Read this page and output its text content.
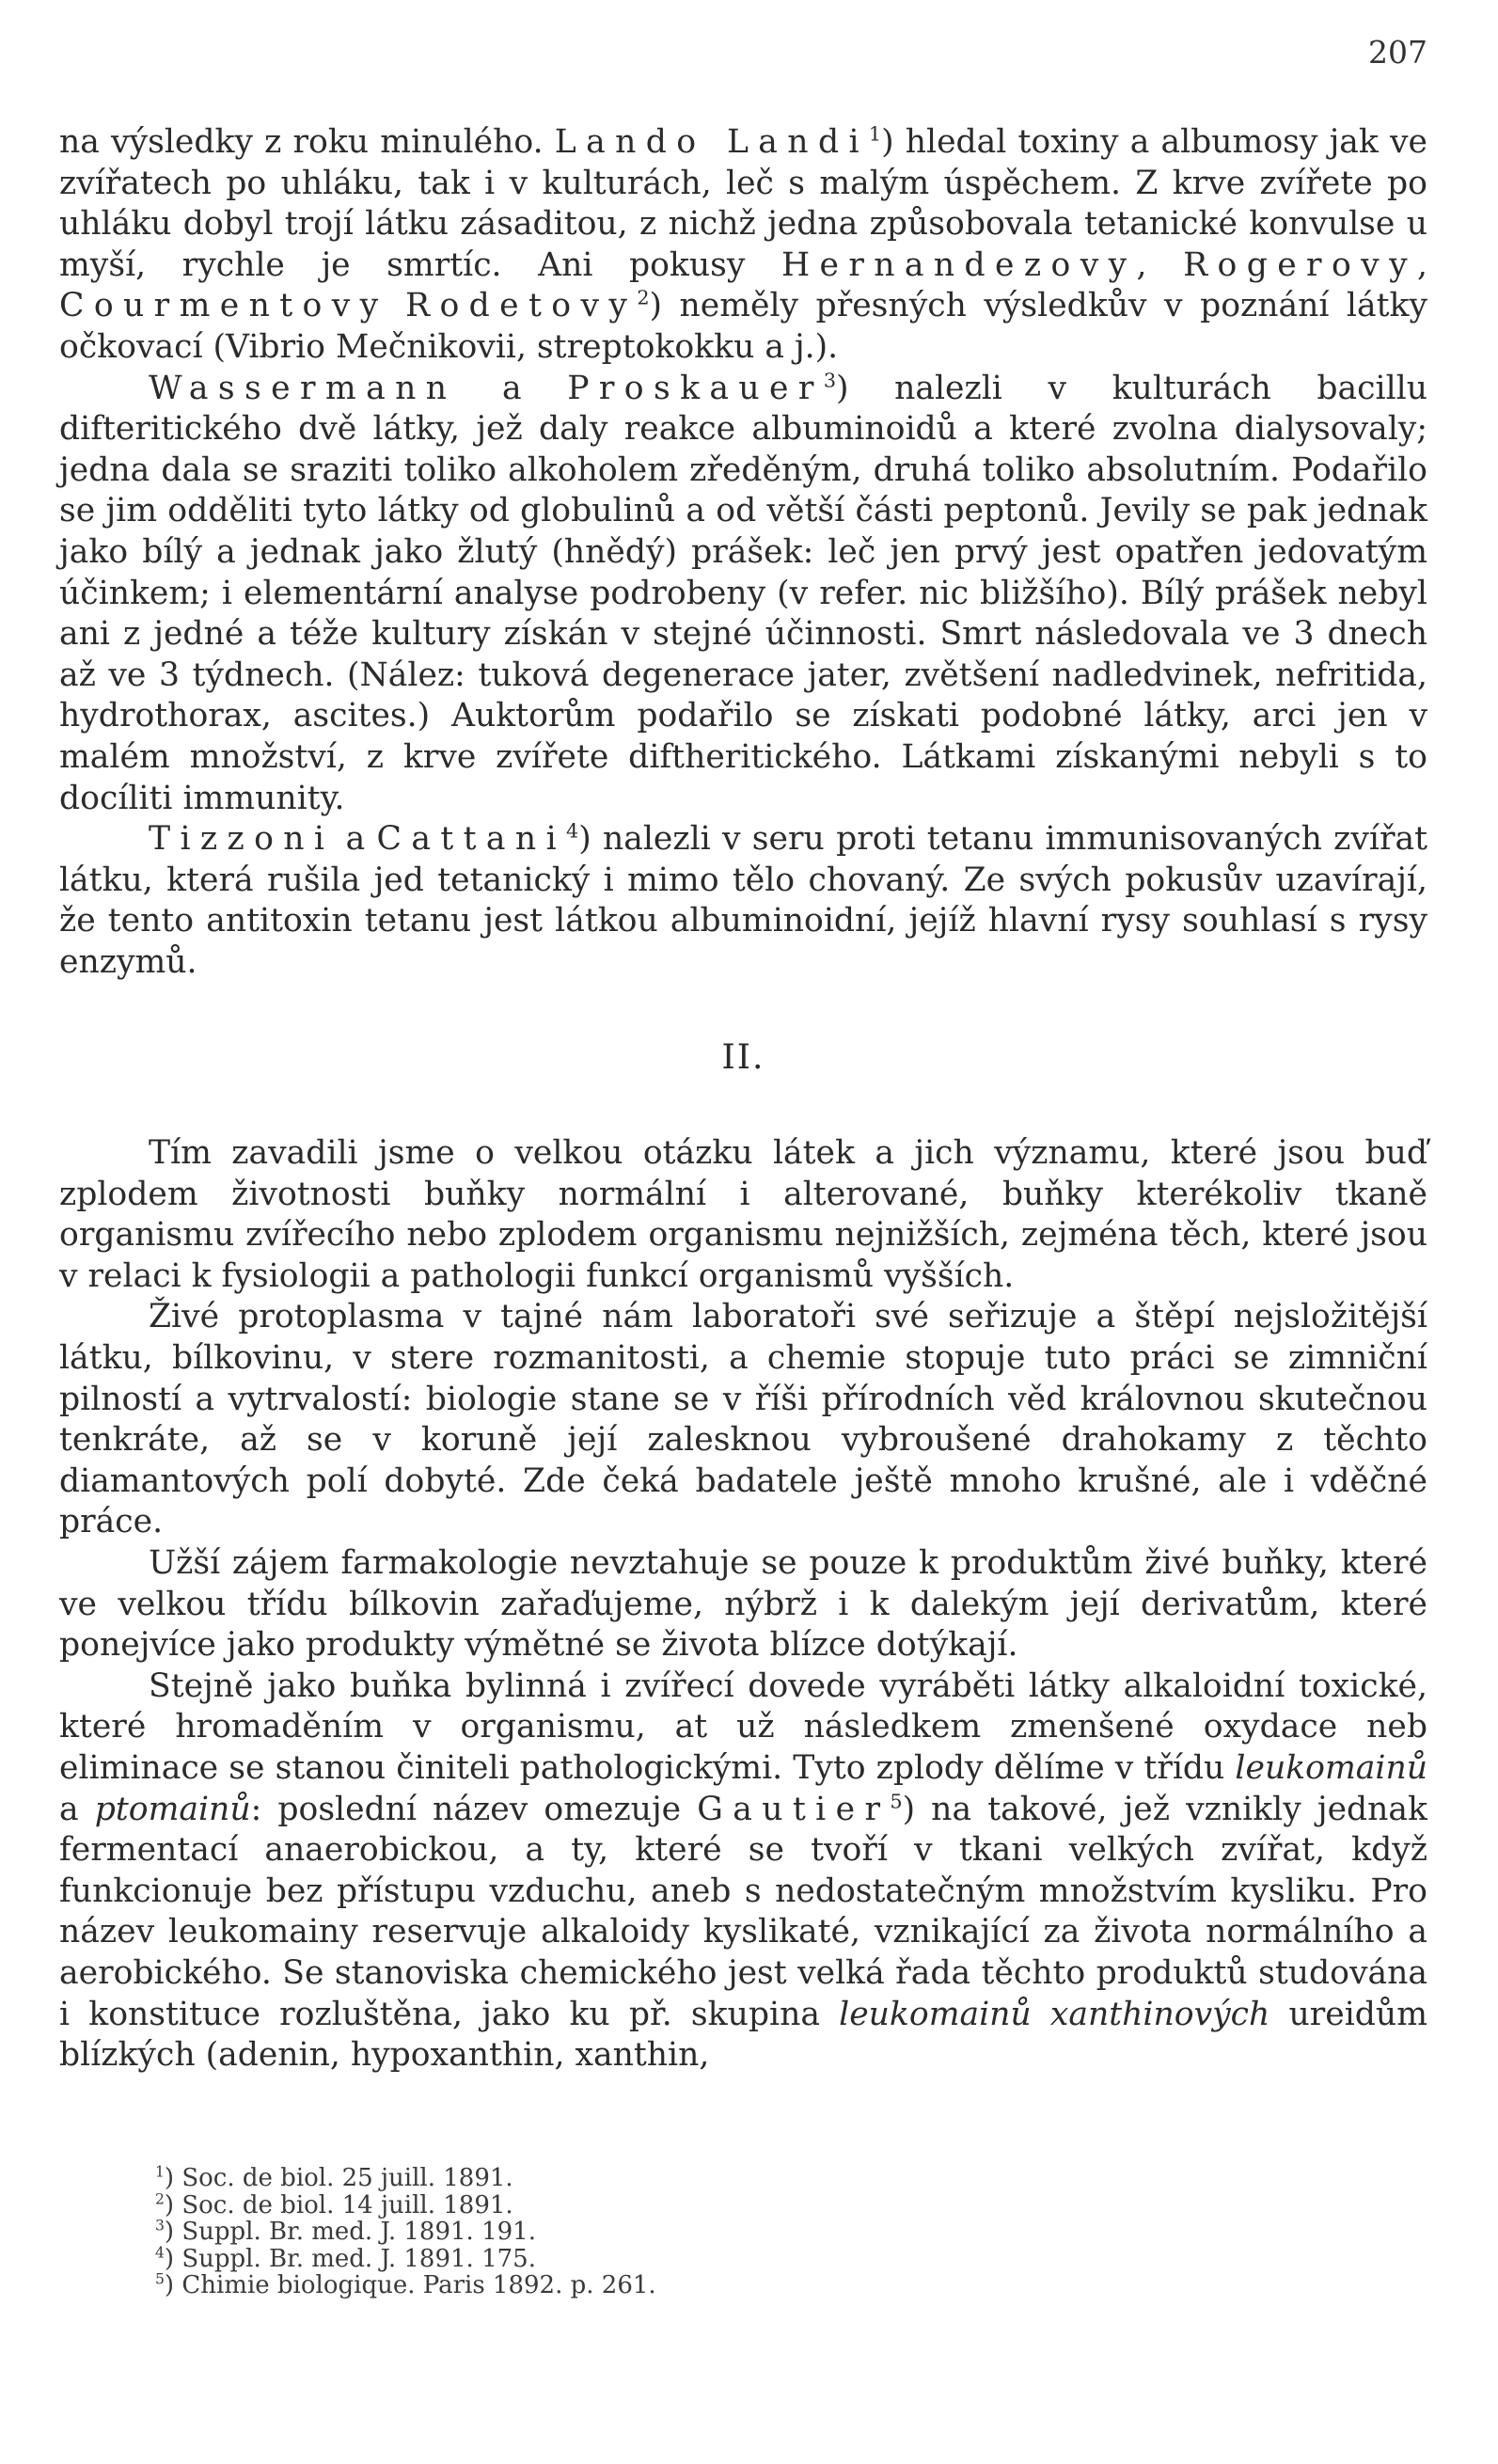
207

na výsledky z roku minulého. Lando Landi$^1$) hledal toxiny a albumosy jak ve zvířatech po uhláku, tak i v kulturách, leč s malým úspěchem. Z krve zvířete po uhláku dobyl trojí látku zásaditou, z nichž jedna způsobovala tetanické konvulse u myší, rychle je smrtíc. Ani pokusy Hernandezovy, Rogerovy, Courmentovy Rodetovy$^2$) neměly přesných výsledkův v poznání látky očkovací (Vibrio Mečnikovii, streptokokku a j.).

Wassermann a Proskauer$^3$) nalezli v kulturách bacillu difteritického dvě látky, jež daly reakce albuminoidů a které zvolna dialysovaly; jedna dala se sraziti toliko alkoholem zředěným, druhá toliko absolutním. Podařilo se jim odděliti tyto látky od globulinů a od větší části peptonů. Jevily se pak jednak jako bílý a jednak jako žlutý (hnědý) prášek: leč jen prvý jest opatřen jedovatým účinkem; i elementární analyse podrobeny (v refer. nic bližšího). Bílý prášek nebyl ani z jedné a téže kultury získán v stejné účinnosti. Smrt následovala ve 3 dnech až ve 3 týdnech. (Nález: tuková degenerace jater, zvětšení nadledvinek, nefritida, hydrothorax, ascites.) Auktorům podařilo se získati podobné látky, arci jen v malém množství, z krve zvířete diftheritického. Látkami získanými nebyli s to docíliti immunity.

Tizzoni a Cattani$^4$) nalezli v seru proti tetanu immunisovaných zvířat látku, která rušila jed tetanický i mimo tělo chovaný. Ze svých pokusův uzavírají, že tento antitoxin tetanu jest látkou albuminoidní, jejíž hlavní rysy souhlasí s rysy enzymů.

II.

Tím zavadili jsme o velkou otázku látek a jich významu, které jsou buď zplodem životnosti buňky normální i alterované, buňky kterékoliv tkaně organismu zvířecího nebo zplodem organismu nejnižších, zejména těch, které jsou v relaci k fysiologii a pathologii funkcí organismů vyšších.

Živé protoplasma v tajné nám laboratoři své seřizuje a štěpí nejsložitější látku, bílkovinu, v stere rozmanitosti, a chemie stopuje tuto práci se zimniční pilností a vytrvalostí: biologie stane se v říši přírodních věd královnou skutečnou tenkráte, až se v koruně její zalesknou vybroušené drahokamy z těchto diamantových polí dobyté. Zde čeká badatele ještě mnoho krušné, ale i vděčné práce.

Užší zájem farmakologie nevztahuje se pouze k produktům živé buňky, které ve velkou třídu bílkovin zařaďujeme, nýbrž i k dalekým její derivatům, které ponejvíce jako produkty výmětné se života blízce dotýkají.

Stejně jako buňka bylinná i zvířecí dovede vyráběti látky alkaloidní toxické, které hromaděním v organismu, at už následkem zmenšené oxydace neb eliminace se stanou činiteli pathologickými. Tyto zplody dělíme v třídu leukomainů a ptomainů: poslední název omezuje Gautier$^5$) na takové, jež vznikly jednak fermentací anaerobickou, a ty, které se tvoří v tkani velkých zvířat, když funkcionuje bez přístupu vzduchu, aneb s nedostatečným množstvím kysliku. Pro název leukomainy reservuje alkaloidy kyslikaté, vznikající za života normálního a aerobického. Se stanoviska chemického jest velká řada těchto produktů studována i konstituce rozluštěna, jako ku př. skupina leukomainů xanthinových ureidům blízkých (adenin, hypoxanthin, xanthin,

$^1$) Soc. de biol. 25 juill. 1891.
$^2$) Soc. de biol. 14 juill. 1891.
$^3$) Suppl. Br. med. J. 1891. 191.
$^4$) Suppl. Br. med. J. 1891. 175.
$^5$) Chimie biologique. Paris 1892. p. 261.
